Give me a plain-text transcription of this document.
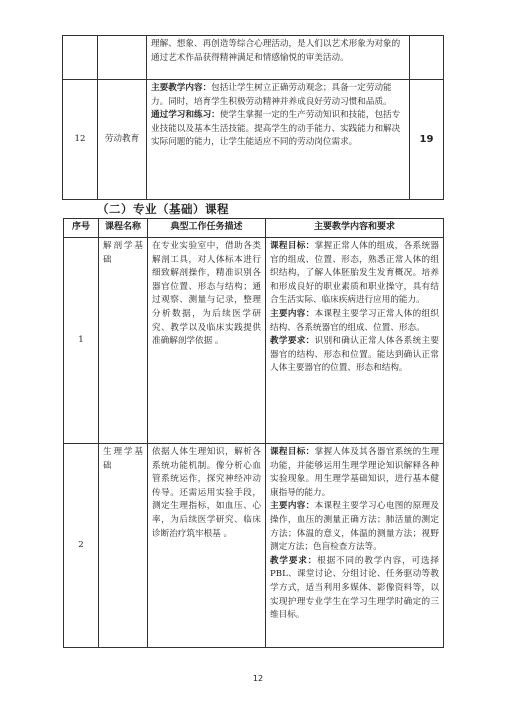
		理解、想象、再创造等综合心理活动，是人们以艺术形象为对象的通过艺术作品获得精神满足和情感愉悦的审美活动。	
12	劳动教育	主要教学内容：包括让学生树立正确劳动观念；具备一定劳动能力。同时，培育学生积极劳动精神并养成良好劳动习惯和品质。
通过学习和练习：使学生掌握一定的生产劳动知识和技能，包括专业技能以及基本生活技能。提高学生的动手能力、实践能力和解决实际问题的能力，让学生能适应不同的劳动岗位需求。	19
（二）专业（基础）课程
序号	课程名称	典型工作任务描述	主要教学内容和要求
1	解剖学基础	在专业实验室中，借助各类解剖工具，对人体标本进行细致解剖操作，精准识别各器官位置、形态与结构；通过观察、测量与记录，整理分析数据，为后续医学研究、教学以及临床实践提供准确解剖学依据 。	课程目标：掌握正常人体的组成，各系统器官的组成、位置、形态，熟悉正常人体的组织结构，了解人体胚胎发生发育概况。培养和形成良好的职业素质和职业操守，具有结合生活实际、临床疾病进行应用的能力。
主要内容：本课程主要学习正常人体的组织结构、各系统器官的组成、位置、形态。
教学要求：识别和确认正常人体各系统主要器官的结构、形态和位置。能达到确认正常人体主要器官的位置、形态和结构。
2	生理学基础	依据人体生理知识，解析各系统功能机制。像分析心血管系统运作，探究神经冲动传导。还需运用实验手段，测定生理指标，如血压、心率，为后续医学研究、临床诊断治疗筑牢根基 。	课程目标：掌握人体及其各器官系统的生理功能，并能够运用生理学理论知识解释各种实验现象。用生理学基础知识，进行基本健康指导的能力。
主要内容：本课程主要学习心电图的原理及操作，血压的测量正确方法；肺活量的测定方法；体温的意义，体温的测量方法；视野测定方法；色盲检查方法等。
教学要求：根据不同的教学内容，可选择PBL、课堂讨论、分组讨论、任务驱动等教学方式，适当利用多媒体、影像资料等，以实现护理专业学生在学习生理学时确定的三维目标。
12
